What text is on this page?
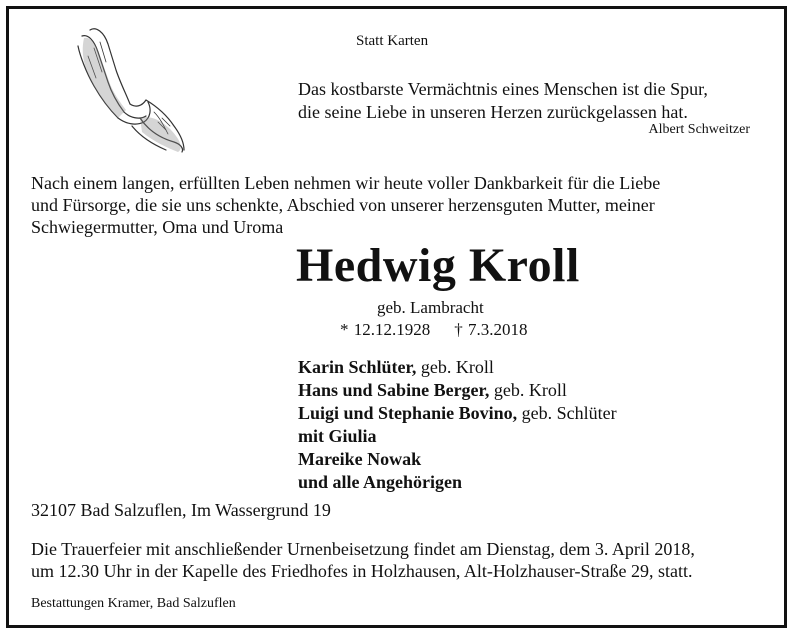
Statt Karten
Das kostbarste Vermächtnis eines Menschen ist die Spur,
die seine Liebe in unseren Herzen zurückgelassen hat.
Albert Schweitzer
Nach einem langen, erfüllten Leben nehmen wir heute voller Dankbarkeit für die Liebe
und Fürsorge, die sie uns schenkte, Abschied von unserer herzensguten Mutter, meiner
Schwiegermutter, Oma und Uroma
Hedwig Kroll
geb. Lambracht
* 12.12.1928 † 7.3.2018
Karin Schlüter, geb. Kroll
Hans und Sabine Berger, geb. Kroll
Luigi und Stephanie Bovino, geb. Schlüter
mit Giulia
Mareike Nowak
und alle Angehörigen
32107 Bad Salzuflen, Im Wassergrund 19
Die Trauerfeier mit anschließender Urnenbeisetzung findet am Dienstag, dem 3. April 2018,
um 12.30 Uhr in der Kapelle des Friedhofes in Holzhausen, Alt-Holzhauser-Straße 29, statt.
Bestattungen Kramer, Bad Salzuflen
